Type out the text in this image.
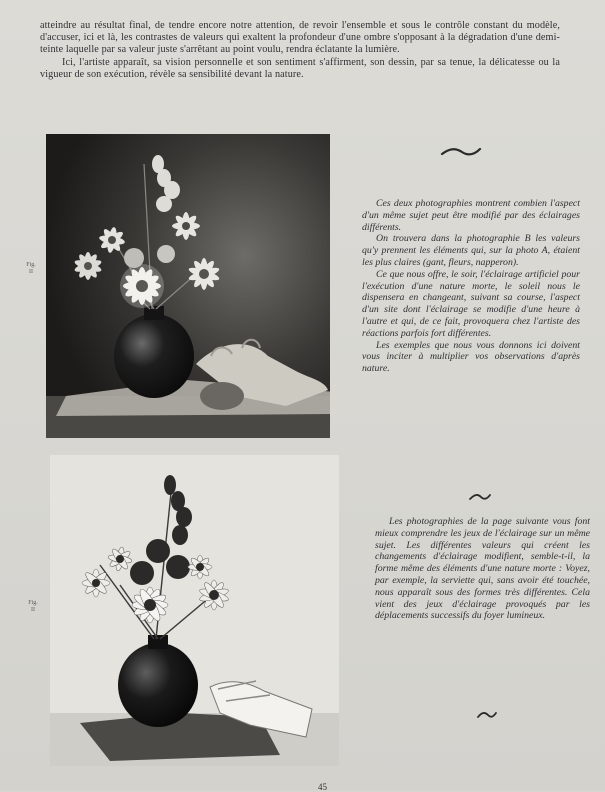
atteindre au résultat final, de tendre encore notre attention, de revoir l'ensemble et sous le contrôle constant du modèle, d'accuser, ici et là, les contrastes de valeurs qui exaltent la profondeur d'une ombre s'opposant à la dégradation d'une demi-teinte laquelle par sa valeur juste s'arrêtant au point voulu, rendra éclatante la lumière.

Ici, l'artiste apparaît, sa vision personnelle et son sentiment s'affirment, son dessin, par sa tenue, la délicatesse ou la vigueur de son exécution, révèle sa sensibilité devant la nature.

Fig. II

Ces deux photographies montrent combien l'aspect d'un même sujet peut être modifié par des éclairages différents.

On trouvera dans la photographie B les valeurs qu'y prennent les éléments qui, sur la photo A, étaient les plus claires (gant, fleurs, napperon).

Ce que nous offre, le soir, l'éclairage artificiel pour l'exécution d'une nature morte, le soleil nous le dispensera en changeant, suivant sa course, l'aspect d'un site dont l'éclairage se modifie d'une heure à l'autre et qui, de ce fait, provoquera chez l'artiste des réactions parfois fort différentes.

Les exemples que nous vous donnons ici doivent vous inciter à multiplier vos observations d'après nature.

Fig. II

Les photographies de la page suivante vous font mieux comprendre les jeux de l'éclairage sur un même sujet. Les différentes valeurs qui créent les changements d'éclairage modifient, semble-t-il, la forme même des éléments d'une nature morte : Voyez, par exemple, la serviette qui, sans avoir été touchée, nous apparaît sous des formes très différentes. Cela vient des jeux d'éclairage provoqués par les déplacements successifs du foyer lumineux.

45
